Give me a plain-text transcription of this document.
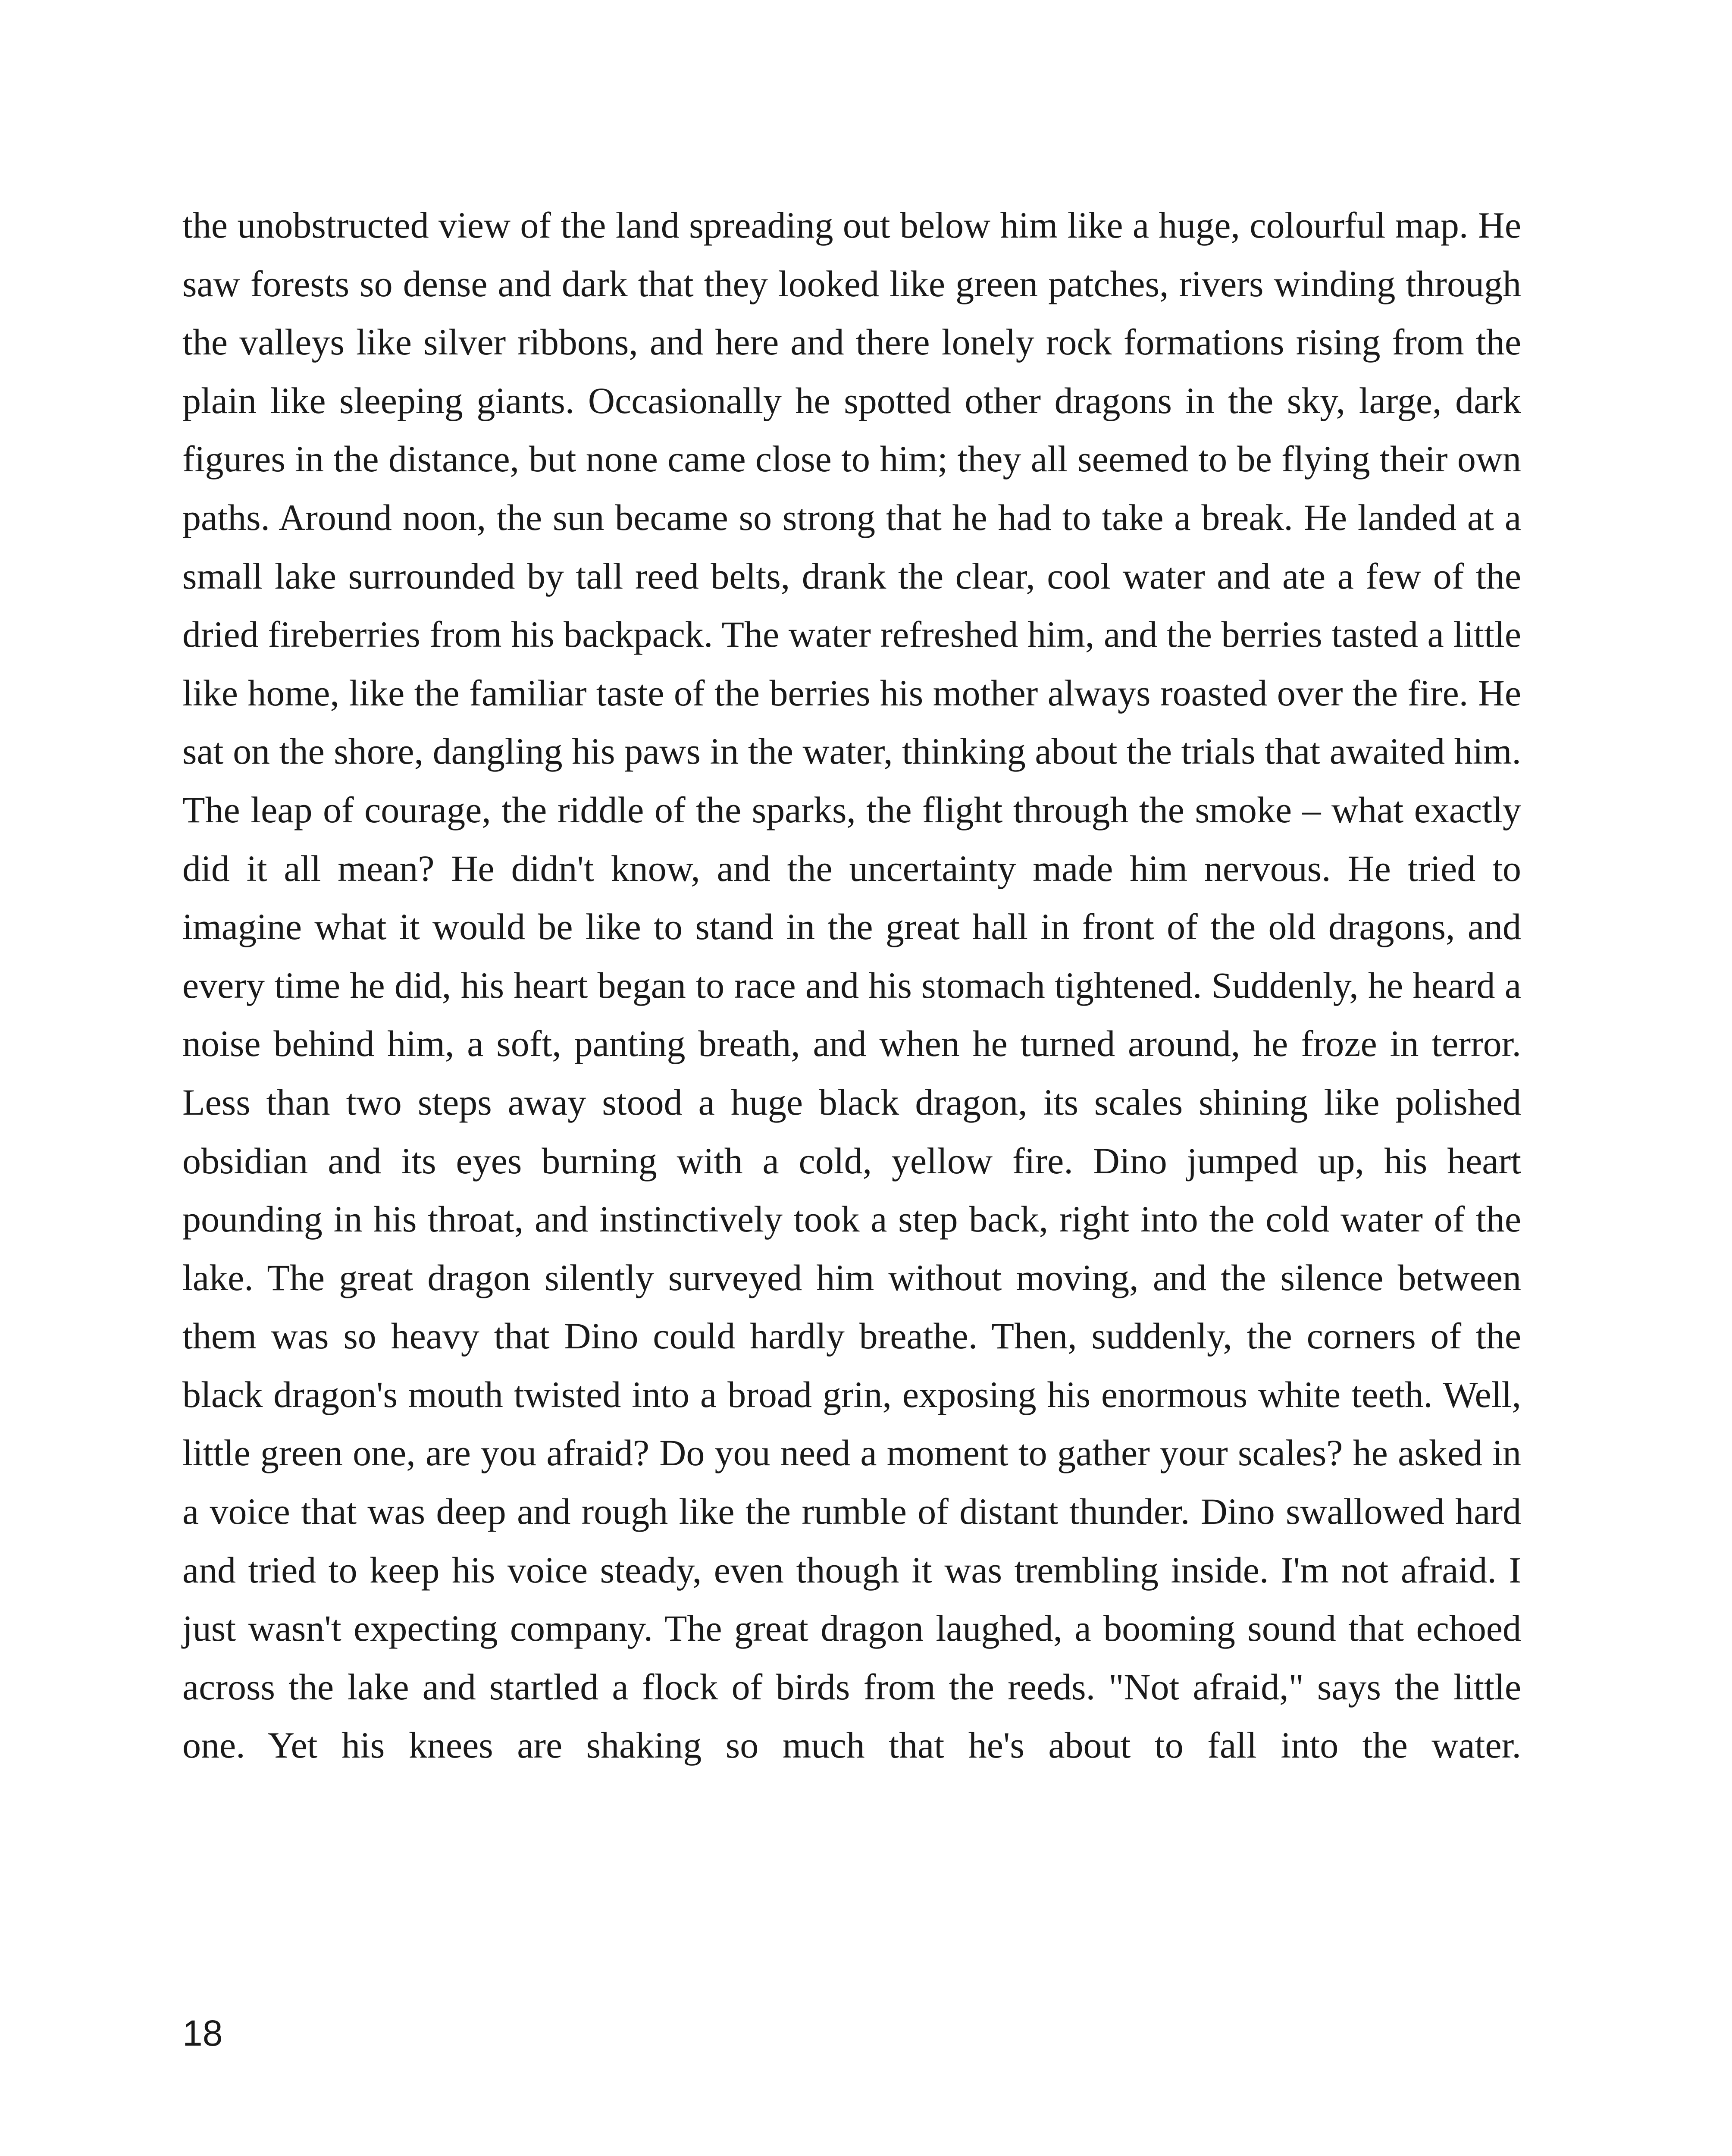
the unobstructed view of the land spreading out below him like a huge, colourful map. He saw forests so dense and dark that they looked like green patches, rivers winding through the valleys like silver ribbons, and here and there lonely rock formations rising from the plain like sleeping giants. Occasionally he spotted other dragons in the sky, large, dark figures in the distance, but none came close to him; they all seemed to be flying their own paths. Around noon, the sun became so strong that he had to take a break. He landed at a small lake surrounded by tall reed belts, drank the clear, cool water and ate a few of the dried fireberries from his backpack. The water refreshed him, and the berries tasted a little like home, like the familiar taste of the berries his mother always roasted over the fire. He sat on the shore, dangling his paws in the water, thinking about the trials that awaited him. The leap of courage, the riddle of the sparks, the flight through the smoke – what exactly did it all mean? He didn't know, and the uncertainty made him nervous. He tried to imagine what it would be like to stand in the great hall in front of the old dragons, and every time he did, his heart began to race and his stomach tightened. Suddenly, he heard a noise behind him, a soft, panting breath, and when he turned around, he froze in terror. Less than two steps away stood a huge black dragon, its scales shining like polished obsidian and its eyes burning with a cold, yellow fire. Dino jumped up, his heart pounding in his throat, and instinctively took a step back, right into the cold water of the lake. The great dragon silently surveyed him without moving, and the silence between them was so heavy that Dino could hardly breathe. Then, suddenly, the corners of the black dragon's mouth twisted into a broad grin, exposing his enormous white teeth. Well, little green one, are you afraid? Do you need a moment to gather your scales? he asked in a voice that was deep and rough like the rumble of distant thunder. Dino swallowed hard and tried to keep his voice steady, even though it was trembling inside. I'm not afraid. I just wasn't expecting company. The great dragon laughed, a booming sound that echoed across the lake and startled a flock of birds from the reeds. "Not afraid," says the little one. Yet his knees are shaking so much that he's about to fall into the water.

18
